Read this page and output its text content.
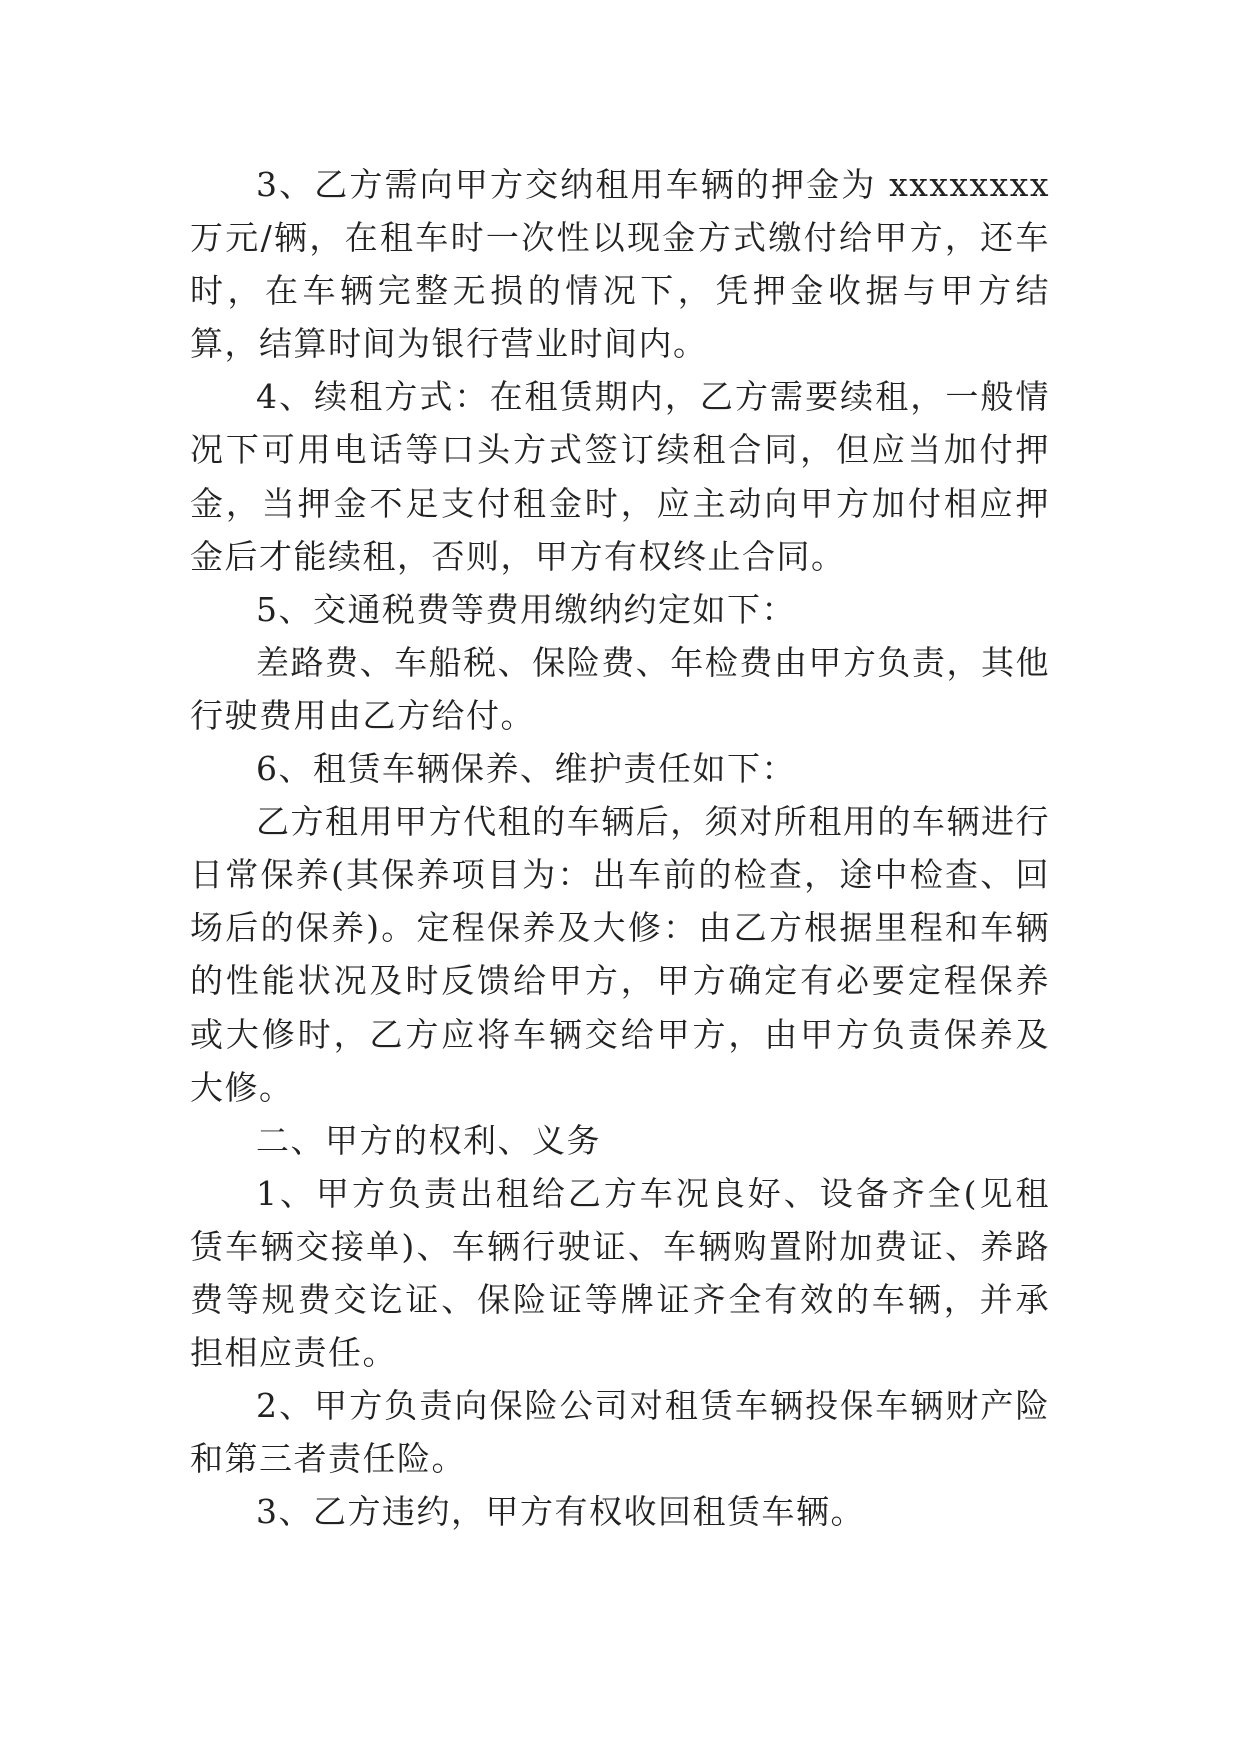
3、乙方需向甲方交纳租用车辆的押金为 xxxxxxxx 万元/辆，在租车时一次性以现金方式缴付给甲方，还车时，在车辆完整无损的情况下，凭押金收据与甲方结算，结算时间为银行营业时间内。

4、续租方式：在租赁期内，乙方需要续租，一般情况下可用电话等口头方式签订续租合同，但应当加付押金，当押金不足支付租金时，应主动向甲方加付相应押金后才能续租，否则，甲方有权终止合同。

5、交通税费等费用缴纳约定如下：

差路费、车船税、保险费、年检费由甲方负责，其他行驶费用由乙方给付。

6、租赁车辆保养、维护责任如下：

乙方租用甲方代租的车辆后，须对所租用的车辆进行日常保养(其保养项目为：出车前的检查，途中检查、回场后的保养)。定程保养及大修：由乙方根据里程和车辆的性能状况及时反馈给甲方，甲方确定有必要定程保养或大修时，乙方应将车辆交给甲方，由甲方负责保养及大修。

二、甲方的权利、义务

1、甲方负责出租给乙方车况良好、设备齐全(见租赁车辆交接单)、车辆行驶证、车辆购置附加费证、养路费等规费交讫证、保险证等牌证齐全有效的车辆，并承担相应责任。

2、甲方负责向保险公司对租赁车辆投保车辆财产险和第三者责任险。

3、乙方违约，甲方有权收回租赁车辆。
